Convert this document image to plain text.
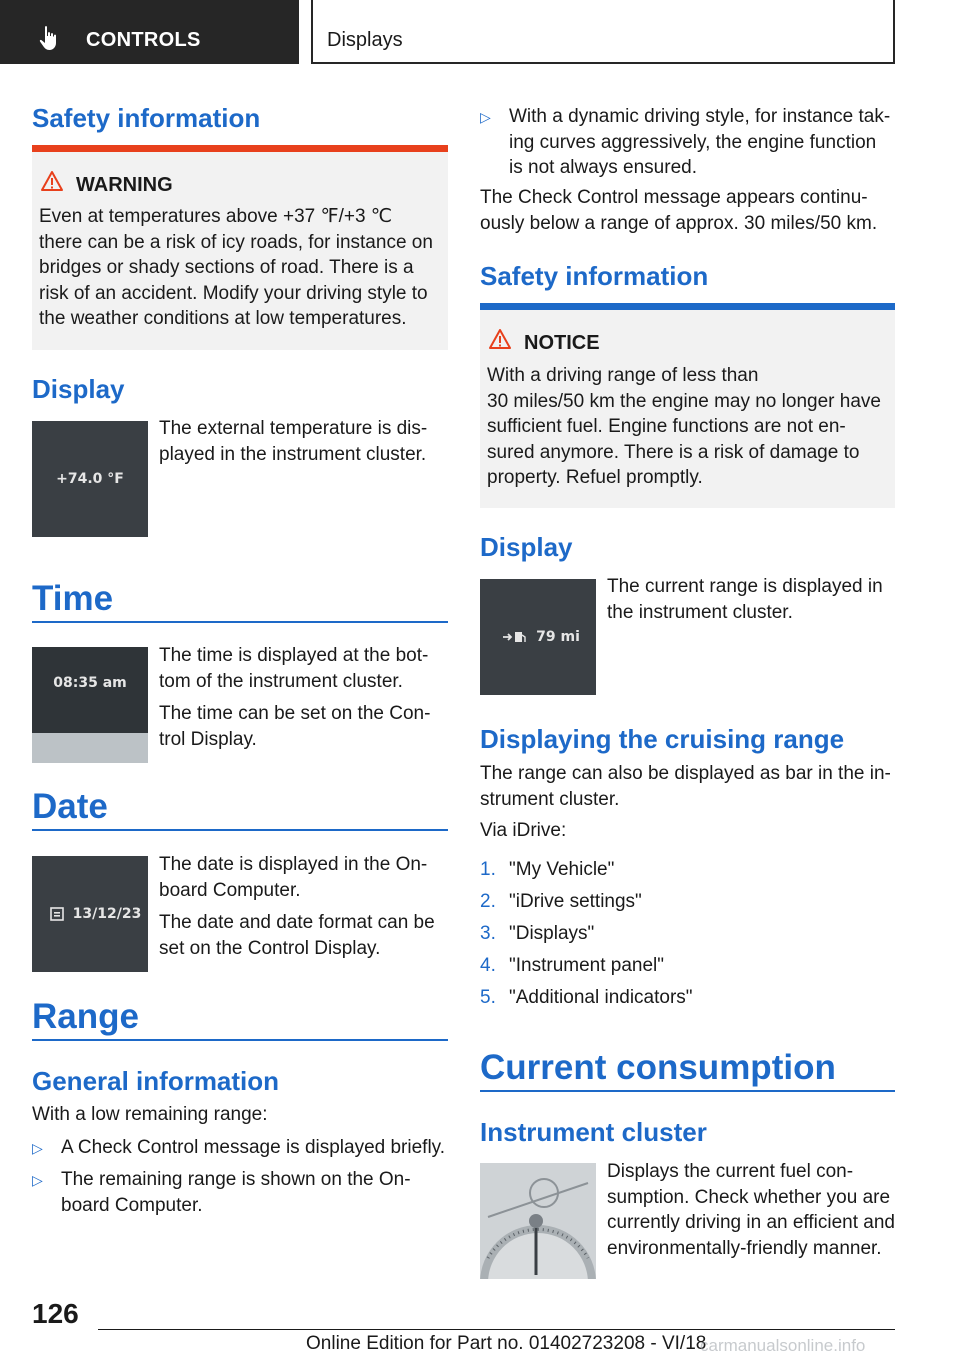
CONTROLS	Displays
Safety information
WARNING
Even at temperatures above +37 ℉/+3 ℃
there can be a risk of icy roads, for instance on
bridges or shady sections of road. There is a
risk of an accident. Modify your driving style to
the weather conditions at low temperatures.
Display
+74.0 °F
The external temperature is dis-
played in the instrument cluster.
Time
08:35 am
The time is displayed at the bot-
tom of the instrument cluster.
The time can be set on the Con-
trol Display.
Date
13/12/23
The date is displayed in the On-
board Computer.
The date and date format can be
set on the Control Display.
Range
General information
With a low remaining range:
▷ A Check Control message is displayed briefly.
▷ The remaining range is shown on the On-
board Computer.
▷ With a dynamic driving style, for instance tak-
ing curves aggressively, the engine function
is not always ensured.
The Check Control message appears continu-
ously below a range of approx. 30 miles/50 km.
Safety information
NOTICE
With a driving range of less than
30 miles/50 km the engine may no longer have
sufficient fuel. Engine functions are not en-
sured anymore. There is a risk of damage to
property. Refuel promptly.
Display
79 mi
The current range is displayed in
the instrument cluster.
Displaying the cruising range
The range can also be displayed as bar in the in-
strument cluster.
Via iDrive:
1. "My Vehicle"
2. "iDrive settings"
3. "Displays"
4. "Instrument panel"
5. "Additional indicators"
Current consumption
Instrument cluster
Displays the current fuel con-
sumption. Check whether you are
currently driving in an efficient and
environmentally-friendly manner.
126
Online Edition for Part no. 01402723208 - VI/18
carmanualsonline.info
